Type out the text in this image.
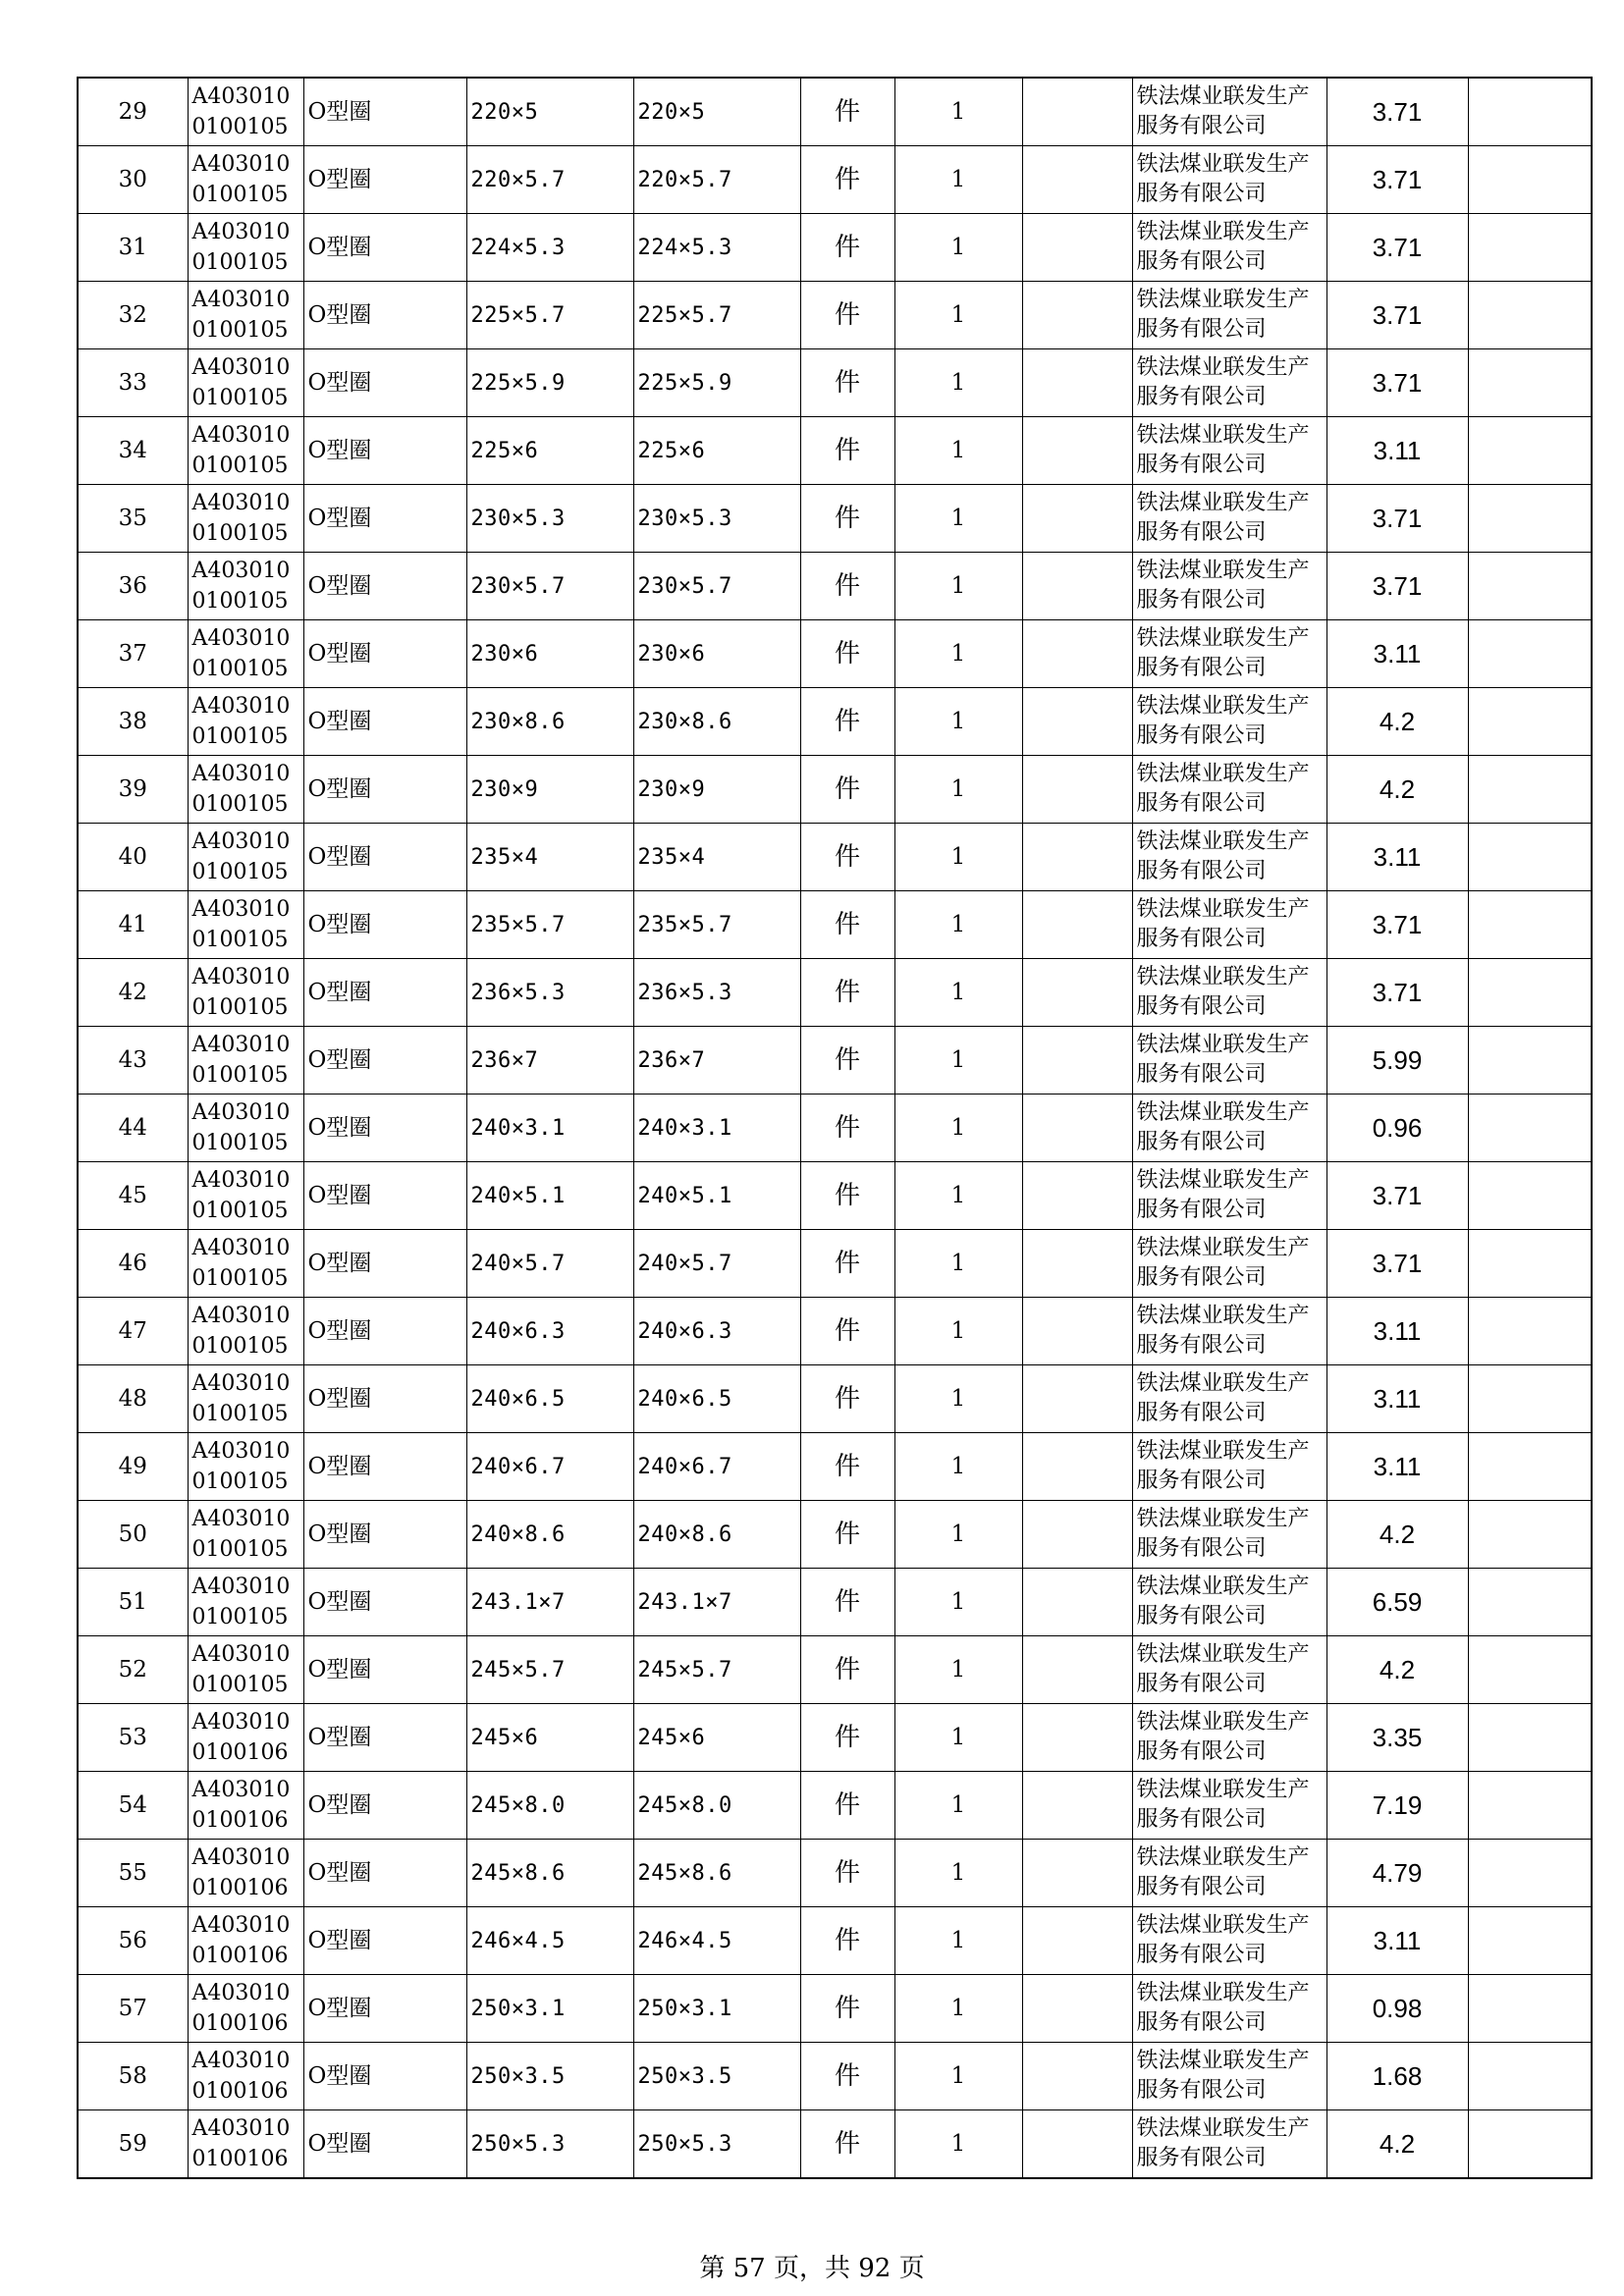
29	A4030100100105	O型圈	220×5	220×5	件	1		铁法煤业联发生产服务有限公司	3.71	
30	A4030100100105	O型圈	220×5.7	220×5.7	件	1		铁法煤业联发生产服务有限公司	3.71	
31	A4030100100105	O型圈	224×5.3	224×5.3	件	1		铁法煤业联发生产服务有限公司	3.71	
32	A4030100100105	O型圈	225×5.7	225×5.7	件	1		铁法煤业联发生产服务有限公司	3.71	
33	A4030100100105	O型圈	225×5.9	225×5.9	件	1		铁法煤业联发生产服务有限公司	3.71	
34	A4030100100105	O型圈	225×6	225×6	件	1		铁法煤业联发生产服务有限公司	3.11	
35	A4030100100105	O型圈	230×5.3	230×5.3	件	1		铁法煤业联发生产服务有限公司	3.71	
36	A4030100100105	O型圈	230×5.7	230×5.7	件	1		铁法煤业联发生产服务有限公司	3.71	
37	A4030100100105	O型圈	230×6	230×6	件	1		铁法煤业联发生产服务有限公司	3.11	
38	A4030100100105	O型圈	230×8.6	230×8.6	件	1		铁法煤业联发生产服务有限公司	4.2	
39	A4030100100105	O型圈	230×9	230×9	件	1		铁法煤业联发生产服务有限公司	4.2	
40	A4030100100105	O型圈	235×4	235×4	件	1		铁法煤业联发生产服务有限公司	3.11	
41	A4030100100105	O型圈	235×5.7	235×5.7	件	1		铁法煤业联发生产服务有限公司	3.71	
42	A4030100100105	O型圈	236×5.3	236×5.3	件	1		铁法煤业联发生产服务有限公司	3.71	
43	A4030100100105	O型圈	236×7	236×7	件	1		铁法煤业联发生产服务有限公司	5.99	
44	A4030100100105	O型圈	240×3.1	240×3.1	件	1		铁法煤业联发生产服务有限公司	0.96	
45	A4030100100105	O型圈	240×5.1	240×5.1	件	1		铁法煤业联发生产服务有限公司	3.71	
46	A4030100100105	O型圈	240×5.7	240×5.7	件	1		铁法煤业联发生产服务有限公司	3.71	
47	A4030100100105	O型圈	240×6.3	240×6.3	件	1		铁法煤业联发生产服务有限公司	3.11	
48	A4030100100105	O型圈	240×6.5	240×6.5	件	1		铁法煤业联发生产服务有限公司	3.11	
49	A4030100100105	O型圈	240×6.7	240×6.7	件	1		铁法煤业联发生产服务有限公司	3.11	
50	A4030100100105	O型圈	240×8.6	240×8.6	件	1		铁法煤业联发生产服务有限公司	4.2	
51	A4030100100105	O型圈	243.1×7	243.1×7	件	1		铁法煤业联发生产服务有限公司	6.59	
52	A4030100100105	O型圈	245×5.7	245×5.7	件	1		铁法煤业联发生产服务有限公司	4.2	
53	A4030100100106	O型圈	245×6	245×6	件	1		铁法煤业联发生产服务有限公司	3.35	
54	A4030100100106	O型圈	245×8.0	245×8.0	件	1		铁法煤业联发生产服务有限公司	7.19	
55	A4030100100106	O型圈	245×8.6	245×8.6	件	1		铁法煤业联发生产服务有限公司	4.79	
56	A4030100100106	O型圈	246×4.5	246×4.5	件	1		铁法煤业联发生产服务有限公司	3.11	
57	A4030100100106	O型圈	250×3.1	250×3.1	件	1		铁法煤业联发生产服务有限公司	0.98	
58	A4030100100106	O型圈	250×3.5	250×3.5	件	1		铁法煤业联发生产服务有限公司	1.68	
59	A4030100100106	O型圈	250×5.3	250×5.3	件	1		铁法煤业联发生产服务有限公司	4.2	
第 57 页，共 92 页
